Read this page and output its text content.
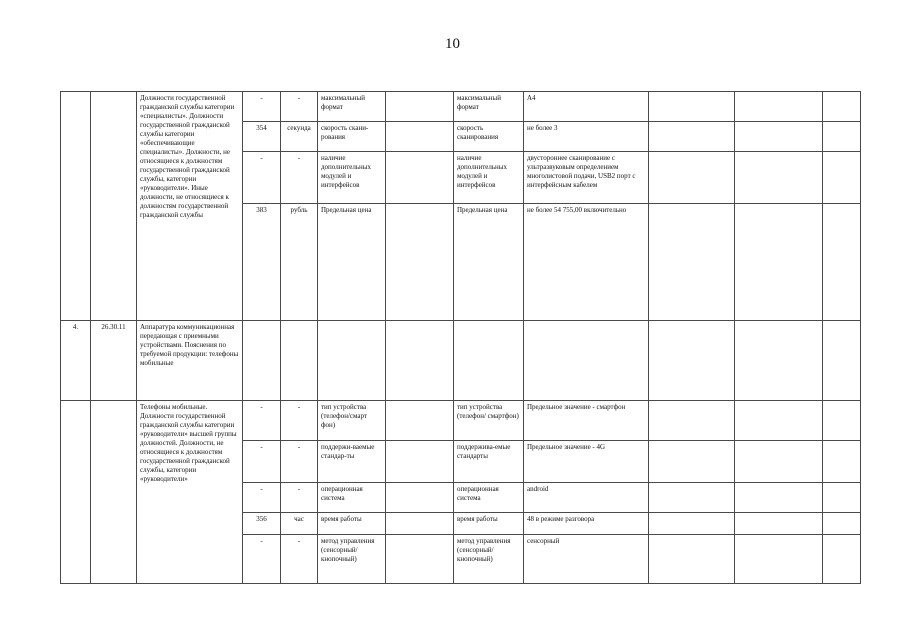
10
		Должности государственной гражданской службы категории «специалисты». Должности государственной гражданской службы категории «обеспечивающие специалисты». Должности, не относящиеся к должностям государственной гражданской службы, категории «руководители». Иные должности, не относящиеся к должностям государственной гражданской службы	-	-	максимальный формат		максимальный формат	А4			
			354	секунда	скорость скани-рования		скорость сканирования	не более 3			
			-	-	наличие дополнительных модулей и интерфейсов		наличие дополнительных модулей и интерфейсов	двустороннее сканирование с ультразвуковым определением многолистовой подачи, USB2 порт с интерфейсным кабелем			
			383	рубль	Предельная цена		Предельная цена	не более 54 755,00 включительно			
4.	26.30.11	Аппаратура коммуникационная передающая с приемными устройствами. Пояснения по требуемой продукции: телефоны мобильные									
		Телефоны мобильные. Должности государственной гражданской службы категории «руководители» высшей группы должностей. Должности, не относящиеся к должностям государственной гражданской службы, категории «руководители»	-	-	тип устройства (телефон/смарт фон)		тип устройства (телефон/ смартфон)	Предельное значение - смартфон			
			-	-	поддержи-ваемые стандар-ты		поддержива-емые стандарты	Предельное значение - 4G			
			-	-	операционная система		операционная система	android			
			356	час	время работы		время работы	48 в режиме разговора			
			-	-	метод управления (сенсорный/ кнопочный)		метод управления (сенсорный/ кнопочный)	сенсорный			
